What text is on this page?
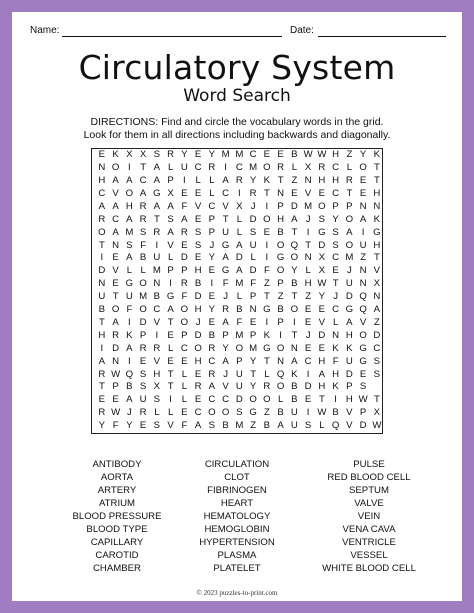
Name:	Date:
Circulatory System
Word Search
DIRECTIONS: Find and circle the vocabulary words in the grid.
Look for them in all directions including backwards and diagonally.
E K X X S R Y E Y M M C E E B W W H Z Y K
N O I T A L U C R I C M O R L X R C L O T
H A A C A P I	L L A R Y K T Z N H H R E T
C V O A G X E E L C I R T N E V E C T E H
A A H R A A F V C V X J	I P D M O P P N N
R C A R T S A E P T L D O H A J S Y O A K
O A M S R A R S P U L S E B T I G S A I G
T N S F I V E S J G A U I O Q T D S O U H
I E A B U L D E Y A D L	I G O N X C M Z T
D V L L M P P H E G A D F O Y L X E J N V
N E G O N I R B I F M F Z P B H W T U N X
U T U M B G F D E J L P T Z T Z Y J D Q N
B O F O C A O H Y R B N G B O E E C G Q A
T A I D V T O J E A F E I P I E V L A V Z
H R K P I E P D B P M P K I T J D N H O D
I D A R R L C O R Y O M G O N E E K K G C
A N I E V E E H C A P Y T N A C H F U G S
R W Q S H T L E R J U T L Q K I A H D E S
T P B S X T L R A V U Y R O B D H K P S
E E A U S I	L E C C D O O L B E T I H W T
R W J R L L E C O O S G Z B U I W B V P X
Y F Y E S V F A S B M Z B A U S L Q V D W
ANTIBODY
AORTA
ARTERY
ATRIUM
BLOOD PRESSURE
BLOOD TYPE
CAPILLARY
CAROTID
CHAMBER
CIRCULATION
CLOT
FIBRINOGEN
HEART
HEMATOLOGY
HEMOGLOBIN
HYPERTENSION
PLASMA
PLATELET
PULSE
RED BLOOD CELL
SEPTUM
VALVE
VEIN
VENA CAVA
VENTRICLE
VESSEL
WHITE BLOOD CELL
© 2023 puzzles-to-print.com
